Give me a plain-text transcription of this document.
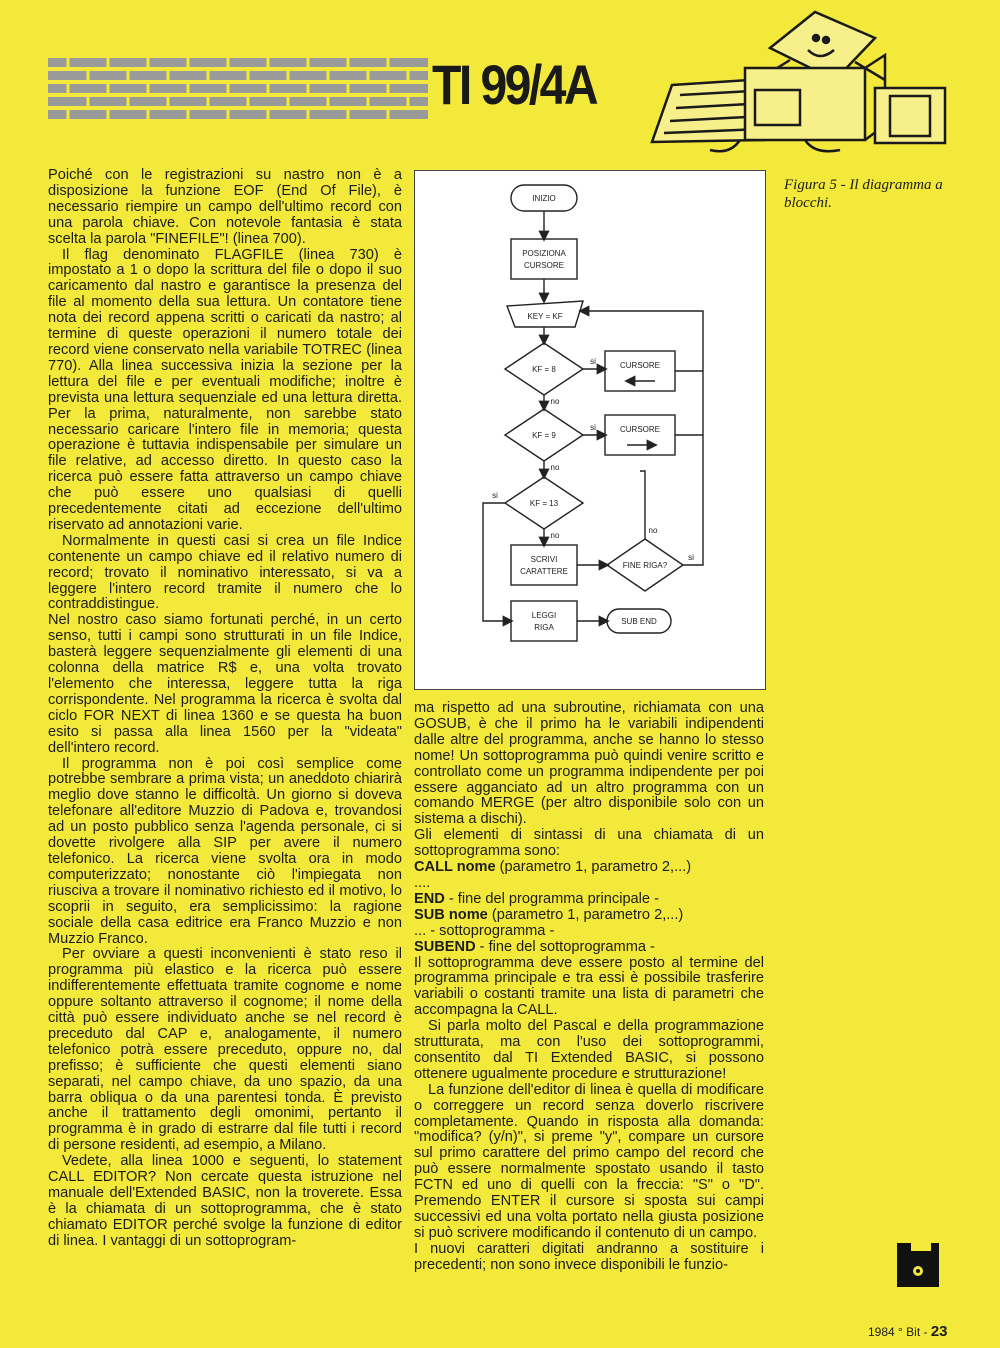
TI 99/4A

Poiché con le registrazioni su nastro non è a disposizione la funzione EOF (End Of File), è necessario riempire un campo dell'ultimo record con una parola chiave. Con notevole fantasia è stata scelta la parola "FINEFILE"! (linea 700).

Il flag denominato FLAGFILE (linea 730) è impostato a 1 o dopo la scrittura del file o dopo il suo caricamento dal nastro e garantisce la presenza del file al momento della sua lettura. Un contatore tiene nota dei record appena scritti o caricati da nastro; al termine di queste operazioni il numero totale dei record viene conservato nella variabile TOTREC (linea 770). Alla linea successiva inizia la sezione per la lettura del file e per eventuali modifiche; inoltre è prevista una lettura sequenziale ed una lettura diretta. Per la prima, naturalmente, non sarebbe stato necessario caricare l'intero file in memoria; questa operazione è tuttavia indispensabile per simulare un file relative, ad accesso diretto. In questo caso la ricerca può essere fatta attraverso un campo chiave che può essere uno qualsiasi di quelli precedentemente citati ad eccezione dell'ultimo riservato ad annotazioni varie.

Normalmente in questi casi si crea un file Indice contenente un campo chiave ed il relativo numero di record; trovato il nominativo interessato, si va a leggere l'intero record tramite il numero che lo contraddistingue.

Nel nostro caso siamo fortunati perché, in un certo senso, tutti i campi sono strutturati in un file Indice, basterà leggere sequenzialmente gli elementi di una colonna della matrice R$ e, una volta trovato l'elemento che interessa, leggere tutta la riga corrispondente. Nel programma la ricerca è svolta dal ciclo FOR NEXT di linea 1360 e se questa ha buon esito si passa alla linea 1560 per la "videata" dell'intero record.

Il programma non è poi così semplice come potrebbe sembrare a prima vista; un aneddoto chiarirà meglio dove stanno le difficoltà. Un giorno si doveva telefonare all'editore Muzzio di Padova e, trovandosi ad un posto pubblico senza l'agenda personale, ci si dovette rivolgere alla SIP per avere il numero telefonico. La ricerca viene svolta ora in modo computerizzato; nonostante ciò l'impiegata non riusciva a trovare il nominativo richiesto ed il motivo, lo scoprii in seguito, era semplicissimo: la ragione sociale della casa editrice era Franco Muzzio e non Muzzio Franco.

Per ovviare a questi inconvenienti è stato reso il programma più elastico e la ricerca può essere indifferentemente effettuata tramite cognome e nome oppure soltanto attraverso il cognome; il nome della città può essere individuato anche se nel record è preceduto dal CAP e, analogamente, il numero telefonico potrà essere preceduto, oppure no, dal prefisso; è sufficiente che questi elementi siano separati, nel campo chiave, da uno spazio, da una barra obliqua o da una parentesi tonda. È previsto anche il trattamento degli omonimi, pertanto il programma è in grado di estrarre dal file tutti i record di persone residenti, ad esempio, a Milano.

Vedete, alla linea 1000 e seguenti, lo statement CALL EDITOR? Non cercate questa istruzione nel manuale dell'Extended BASIC, non la troverete. Essa è la chiamata di un sottoprogramma, che è stato chiamato EDITOR perché svolge la funzione di editor di linea. I vantaggi di un sottoprogram-

INIZIO
POSIZIONA
CURSORE
KEY = KF
KF = 8
KF = 9
KF = 13
CURSORE
CURSORE
SCRIVI
CARATTERE
FINE RIGA?
LEGGI
RIGA
SUB END
si
si
si
si
no
no
no
no
Figura 5 - Il diagramma a blocchi.

ma rispetto ad una subroutine, richiamata con una GOSUB, è che il primo ha le variabili indipendenti dalle altre del programma, anche se hanno lo stesso nome! Un sottoprogramma può quindi venire scritto e controllato come un programma indipendente per poi essere agganciato ad un altro programma con un comando MERGE (per altro disponibile solo con un sistema a dischi).

Gli elementi di sintassi di una chiamata di un sottoprogramma sono:

CALL nome (parametro 1, parametro 2,...)

....

END - fine del programma principale -

SUB nome (parametro 1, parametro 2,...)

... - sottoprogramma -

SUBEND - fine del sottoprogramma -

Il sottoprogramma deve essere posto al termine del programma principale e tra essi è possibile trasferire variabili o costanti tramite una lista di parametri che accompagna la CALL.

Si parla molto del Pascal e della programmazione strutturata, ma con l'uso dei sottoprogrammi, consentito dal TI Extended BASIC, si possono ottenere ugualmente procedure e strutturazione!

La funzione dell'editor di linea è quella di modificare o correggere un record senza doverlo riscrivere completamente. Quando in risposta alla domanda: "modifica? (y/n)", si preme "y", compare un cursore sul primo carattere del primo campo del record che può essere normalmente spostato usando il tasto FCTN ed uno di quelli con la freccia: "S" o "D". Premendo ENTER il cursore si sposta sui campi successivi ed una volta portato nella giusta posizione si può scrivere modificando il contenuto di un campo.

I nuovi caratteri digitati andranno a sostituire i precedenti; non sono invece disponibili le funzio-

1984 ° Bit - 23
